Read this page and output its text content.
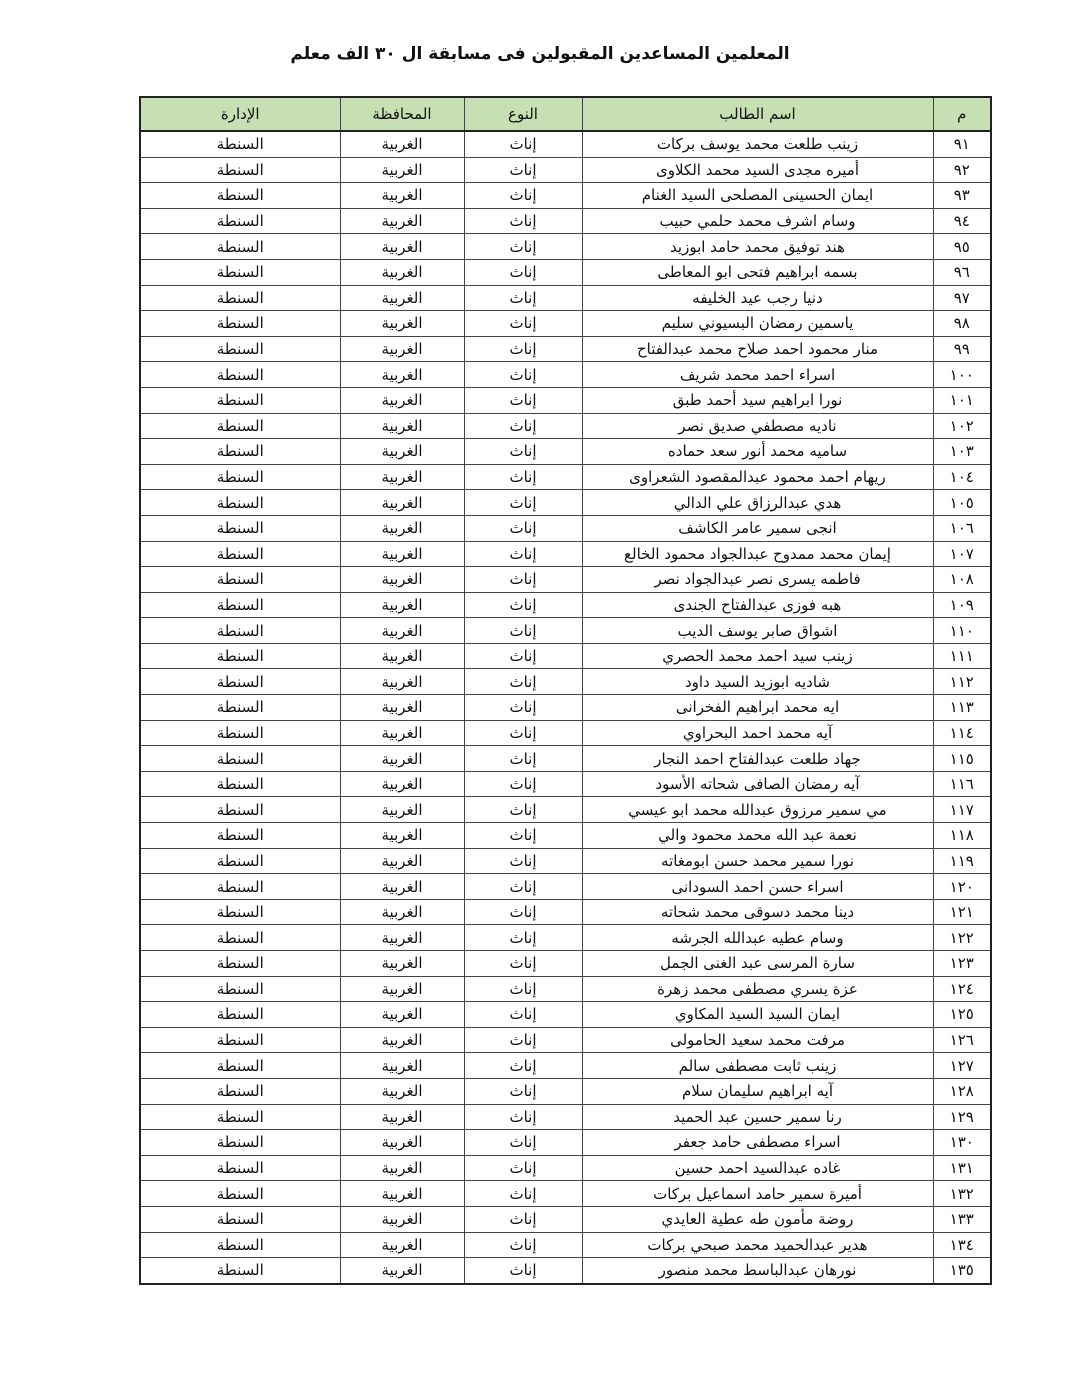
المعلمين المساعدين المقبولين فى مسابقة ال ٣٠ الف معلم
م	اسم الطالب	النوع	المحافظة	الإدارة
٩١	زينب طلعت محمد يوسف بركات	إناث	الغربية	السنطة
٩٢	أميره مجدى السيد محمد الكلاوى	إناث	الغربية	السنطة
٩٣	ايمان الحسينى المصلحى السيد الغنام	إناث	الغربية	السنطة
٩٤	وسام اشرف محمد حلمي حبيب	إناث	الغربية	السنطة
٩٥	هند توفيق محمد حامد ابوزيد	إناث	الغربية	السنطة
٩٦	بسمه ابراهيم فتحى ابو المعاطى	إناث	الغربية	السنطة
٩٧	دنيا رجب عيد الخليفه	إناث	الغربية	السنطة
٩٨	ياسمين رمضان البسيوني سليم	إناث	الغربية	السنطة
٩٩	منار محمود احمد صلاح محمد عبدالفتاح	إناث	الغربية	السنطة
١٠٠	اسراء احمد محمد شريف	إناث	الغربية	السنطة
١٠١	نورا ابراهيم سيد أحمد طبق	إناث	الغربية	السنطة
١٠٢	ناديه مصطفي صديق نصر	إناث	الغربية	السنطة
١٠٣	ساميه محمد أنور سعد حماده	إناث	الغربية	السنطة
١٠٤	ريهام احمد محمود عبدالمقصود الشعراوى	إناث	الغربية	السنطة
١٠٥	هدي عبدالرزاق علي الدالي	إناث	الغربية	السنطة
١٠٦	انجى سمير عامر الكاشف	إناث	الغربية	السنطة
١٠٧	إيمان محمد ممدوح عبدالجواد محمود الخالع	إناث	الغربية	السنطة
١٠٨	فاطمه يسرى نصر عبدالجواد نصر	إناث	الغربية	السنطة
١٠٩	هبه فوزى عبدالفتاح الجندى	إناث	الغربية	السنطة
١١٠	اشواق صابر يوسف الديب	إناث	الغربية	السنطة
١١١	زينب سيد احمد محمد الحصري	إناث	الغربية	السنطة
١١٢	شاديه ابوزيد السيد داود	إناث	الغربية	السنطة
١١٣	ايه محمد ابراهيم الفخرانى	إناث	الغربية	السنطة
١١٤	آيه محمد احمد البحراوي	إناث	الغربية	السنطة
١١٥	جهاد طلعت عبدالفتاح احمد النجار	إناث	الغربية	السنطة
١١٦	آيه رمضان الصافى شحاته الأسود	إناث	الغربية	السنطة
١١٧	مي سمير مرزوق عبدالله محمد ابو عيسي	إناث	الغربية	السنطة
١١٨	نعمة عبد الله محمد محمود والي	إناث	الغربية	السنطة
١١٩	نورا سمير محمد حسن ابومغاته	إناث	الغربية	السنطة
١٢٠	اسراء حسن احمد السودانى	إناث	الغربية	السنطة
١٢١	دينا محمد دسوقى محمد شحاته	إناث	الغربية	السنطة
١٢٢	وسام عطيه عبدالله الجرشه	إناث	الغربية	السنطة
١٢٣	سارة المرسى عبد الغنى الجمل	إناث	الغربية	السنطة
١٢٤	عزة يسري مصطفى محمد زهرة	إناث	الغربية	السنطة
١٢٥	ايمان السيد السيد المكاوي	إناث	الغربية	السنطة
١٢٦	مرفت محمد سعيد الحامولى	إناث	الغربية	السنطة
١٢٧	زينب ثابت مصطفى سالم	إناث	الغربية	السنطة
١٢٨	آيه ابراهيم سليمان سلام	إناث	الغربية	السنطة
١٢٩	رنا سمير حسين عبد الحميد	إناث	الغربية	السنطة
١٣٠	اسراء مصطفى حامد جعفر	إناث	الغربية	السنطة
١٣١	غاده عبدالسيد احمد حسين	إناث	الغربية	السنطة
١٣٢	أميرة سمير حامد اسماعيل بركات	إناث	الغربية	السنطة
١٣٣	روضة مأمون طه عطية العايدي	إناث	الغربية	السنطة
١٣٤	هدير عبدالحميد محمد صبحي بركات	إناث	الغربية	السنطة
١٣٥	نورهان عبدالباسط محمد منصور	إناث	الغربية	السنطة
